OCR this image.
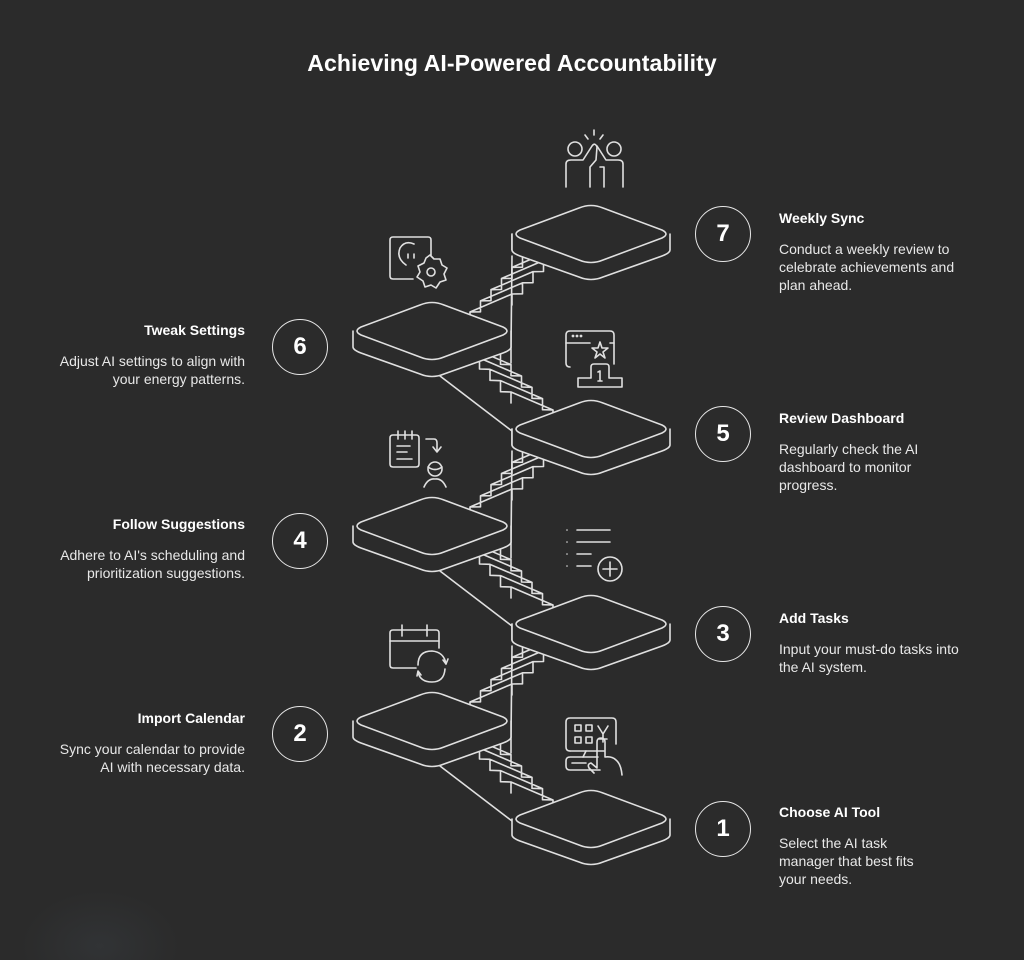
Achieving AI-Powered Accountability
7
Weekly Sync
Conduct a weekly review to celebrate achievements and plan ahead.
6
Tweak Settings
Adjust AI settings to align with your energy patterns.
5
Review Dashboard
Regularly check the AI dashboard to monitor progress.
4
Follow Suggestions
Adhere to AI's scheduling and prioritization suggestions.
3
Add Tasks
Input your must-do tasks into the AI system.
2
Import Calendar
Sync your calendar to provide AI with necessary data.
1
Choose AI Tool
Select the AI task manager that best fits your needs.
